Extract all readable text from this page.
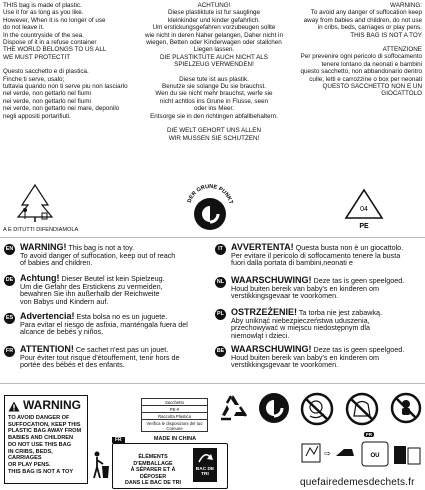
THIS bag is made of plastic.
Use it for as long as you like.
However, When it is no longer of use
do not leave it.
In the countryside of the sea.
Dispose of it in a refuse container
THE WORLD BELONGS TO US ALL
WE MUST PROTECTIT

Questo sacchetto e di plastica.
Finche ti serve, usalo;
tuttavia quando non ti serve piu non lasciarlo
nel verde, non gettarlo nel fiumi
nei verde, non gettarlo nel fiumi
nei verde, non gettarlo nei mare, deponilo
negli appositi portarifiuti.

ACHTUNG!
Diese plastiktute ist fur sauglinge
kleinkinder und kinder gefahrlich.
Um erstickungsgefahren vorzubeugen sollte
wie nicht in deren Naher gelangen, Daher nicht in
wiegen, Betten oder Kinderwagen oder stallchen
Liegen lassen.
DIE PLASTIKTUTE AUCH NICHT ALS
SPIELZEUG VERWENDEN!

Diese tute ist aus plastik.
Benutze sie solange Du sie brauchst.
Wen du sie nicht mehr brauchst, werfe sie
nicht achtlos ins Grune in Flusse, seen
oder ins Meer.
Entsorge sie in den richtingen abfallbehaltern.

DIE WELT GEHORT UNS ALLEN
WIR MUSSEN SIE SCHUTZEN!

WARNING:
To avoid any danger of suffocation keep
away from babies and children, do not use
in cribs, beds, carriages or play pens.
THIS BAG IS NOT A TOY

ATTENZIONE
Per prevenire ogni pericolo di soffocamento
tenere lontano da neonati e bambini
questo sacchetto, non abbandonario dentro
culle, letti e carrozzine o box per neonati
QUESTO SACCHETTO NON E UN GIOCATTOLO

A E DITUTTI DIFENDIAMOLA
DER GRUNE PUNKT
04
PE
EN WARNING! This bag is not a toy.
To avoid danger of suffocation, keep out of reach
of babies and children.
DE Achtung! Dieser Beutel ist kein Spielzeug.
Um die Gefahr des Erstickens zu vermeiden,
bewahren Sie ihn außerhalb der Reichweite
von Babys und Kindern auf.
ES Advertencia! Esta bolsa no es un juguete.
Para evitar el riesgo de asfixia, manténgala fuera del
alcance de bebés y niños.
FR ATTENTION! Ce sachet n'est pas un jouet.
Pour éviter tout risque d'étouffement, tenir hors de
portée des bébés et des enfants.
IT AVVERTENTA! Questa busta non è un giocattolo.
Per evitare il pericolo di soffocamento tenere la busta
fuori dalla portata di bambini,neonati e
NL WAARSCHUWING! Deze tas is geen speelgoed.
Houd buiten bereik van baby's en kinderen om
verstikkingsgevaar te voorkomen.
PL OSTRZEŻENIE! Ta torba nie jest zabawką.
Aby uniknąć niebezpieczeństwa uduszenia,
przechowywać w miejscu niedostępnym dla
niemowląt i dzieci.
BE WAARSCHUWING! Deze tas is geen speelgoed.
Houd buiten bereik van baby's en kinderen om
verstikkingsgevaar te voorkomen.
WARNING
TO AVOID DANGER OF
SUFFOCATION, KEEP THIS
PLASTIC BAG AWAY FROM
BABIES AND CHILDREN
DO NOT USE THIS BAG
IN CRIBS, BEDS, CARRIAGES
OR PLAY PENS.
THIS BAG IS NOT A TOY
Sacchetto
PE-#
Raccolta Plastica
Verifica le disposizioni del tuo Comune
MADE IN CHINA
FR
ÉLÉMENTS D'EMBALLAGE
À SÉPARER ET À DÉPOSER
DANS LE BAC DE TRI
BAC DE TRI
⇨	OU
FR
quefairedemesdechets.fr
